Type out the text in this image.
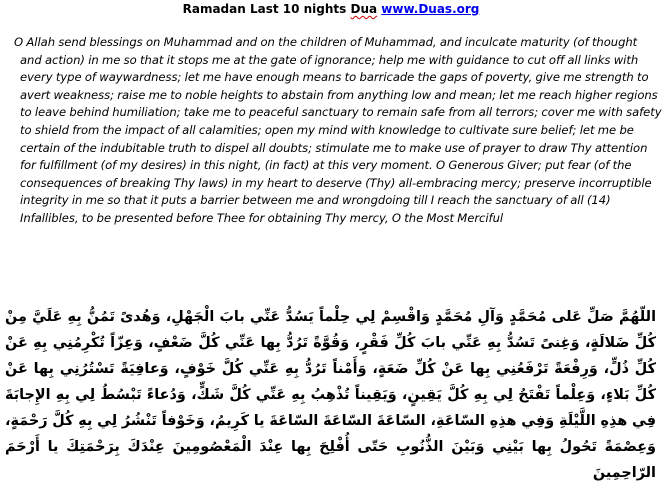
Ramadan Last 10 nights Dua www.Duas.org

O Allah send blessings on Muhammad and on the children of Muhammad, and inculcate maturity (of thought and action) in me so that it stops me at the gate of ignorance; help me with guidance to cut off all links with every type of waywardness; let me have enough means to barricade the gaps of poverty, give me strength to avert weakness; raise me to noble heights to abstain from anything low and mean; let me reach higher regions to leave behind humiliation; take me to peaceful sanctuary to remain safe from all terrors; cover me with safety to shield from the impact of all calamities; open my mind with knowledge to cultivate sure belief; let me be certain of the indubitable truth to dispel all doubts; stimulate me to make use of prayer to draw Thy attention for fulfillment (of my desires) in this night, (in fact) at this very moment. O Generous Giver; put fear (of the consequences of breaking Thy laws) in my heart to deserve (Thy) all-embracing mercy; preserve incorruptible integrity in me so that it puts a barrier between me and wrongdoing till I reach the sanctuary of all (14) Infallibles, to be presented before Thee for obtaining Thy mercy, O the Most Merciful

اللّهُمَّ صَلِّ عَلى مُحَمَّدٍ وَآلِ مُحَمَّدٍ وَاقْسِمْ لِي حِلْماً يَسُدُّ عَنِّي بابَ الْجَهْلِ، وَهُدىً تَمُنُّ بِهِ عَلَيَّ مِنْ كُلِّ ضَلالَةٍ، وَغِنىً تَسُدُّ بِهِ عَنِّي بابَ كُلِّ فَقْرٍ، وَقُوَّةً تَرُدُّ بِها عَنِّي كُلَّ ضَعْفٍ، وَعِزّاً تُكْرِمُنِي بِهِ عَنْ كُلِّ ذُلٍّ، وَرِفْعَةً تَرْفَعُنِي بِها عَنْ كُلِّ ضَعَةٍ، وَأَمْناً تَرُدُّ بِهِ عَنِّي كُلَّ خَوْفٍ، وَعافِيَةً تَسْتُرُنِي بِها عَنْ كُلِّ بَلاءٍ، وَعِلْماً تَفْتَحُ لِي بِهِ كُلَّ يَقِينٍ، وَيَقِيناً تُذْهِبُ بِهِ عَنِّي كُلَّ شَكٍّ، وَدُعاءً تَبْسُطُ لِي بِهِ الإِجابَةَ فِي هذِهِ اللَّيْلَةِ وَفِي هذِهِ السّاعَةِ، السّاعَةَ السّاعَةَ السّاعَةَ يا كَرِيمُ، وَخَوْفاً تَنْشُرُ لِي بِهِ كُلَّ رَحْمَةٍ، وَعِصْمَةً تَحُولُ بِها بَيْنِي وَبَيْنَ الذُّنُوبِ حَتّى أُفْلِحَ بِها عِنْدَ الْمَعْصُومِينَ عِنْدَكَ بِرَحْمَتِكَ يا أَرْحَمَ الرّاحِمِينَ
